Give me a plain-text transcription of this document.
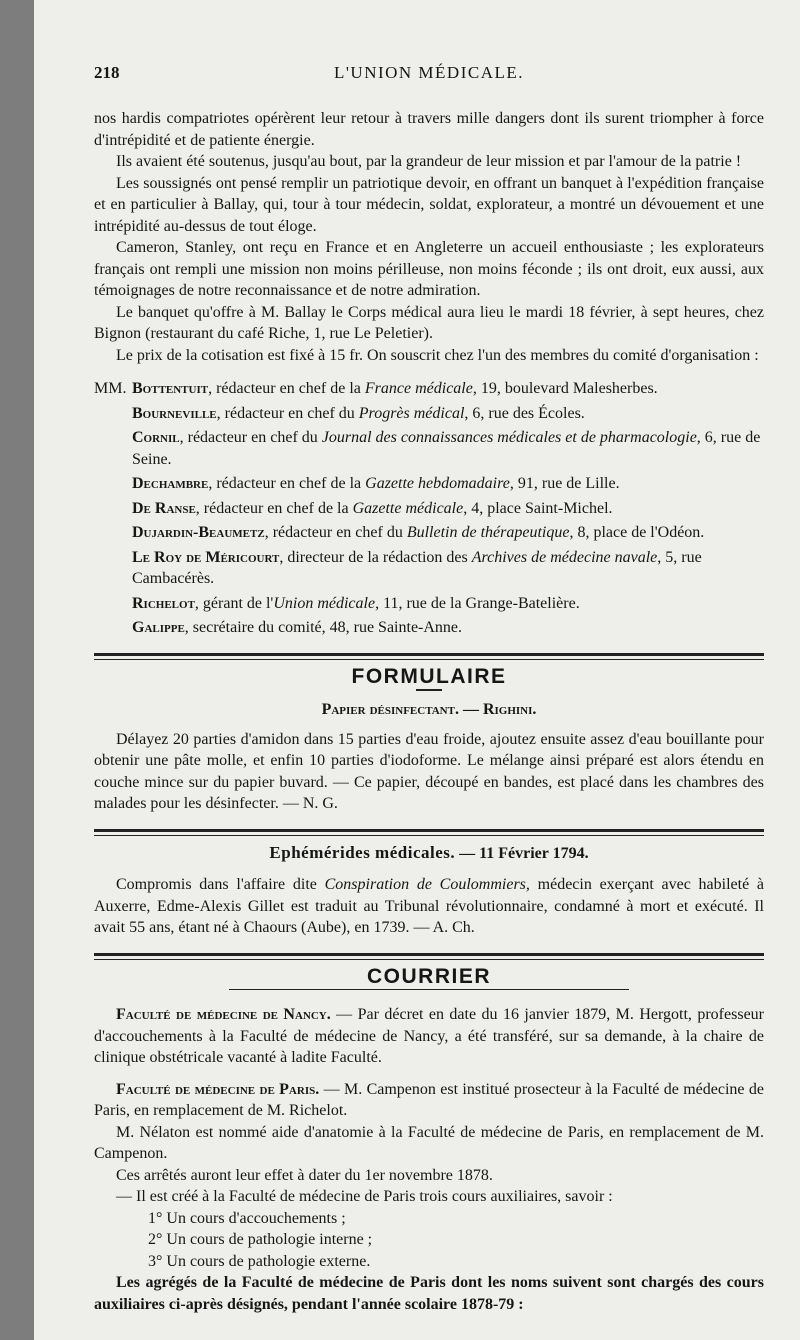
218	L'UNION MÉDICALE.

nos hardis compatriotes opérèrent leur retour à travers mille dangers dont ils surent triompher à force d'intrépidité et de patiente énergie.

Ils avaient été soutenus, jusqu'au bout, par la grandeur de leur mission et par l'amour de la patrie !

Les soussignés ont pensé remplir un patriotique devoir, en offrant un banquet à l'expédition française et en particulier à Ballay, qui, tour à tour médecin, soldat, explorateur, a montré un dévouement et une intrépidité au-dessus de tout éloge.

Cameron, Stanley, ont reçu en France et en Angleterre un accueil enthousiaste ; les explorateurs français ont rempli une mission non moins périlleuse, non moins féconde ; ils ont droit, eux aussi, aux témoignages de notre reconnaissance et de notre admiration.

Le banquet qu'offre à M. Ballay le Corps médical aura lieu le mardi 18 février, à sept heures, chez Bignon (restaurant du café Riche, 1, rue Le Peletier).

Le prix de la cotisation est fixé à 15 fr. On souscrit chez l'un des membres du comité d'organisation :

MM. Bottentuit, rédacteur en chef de la France médicale, 19, boulevard Malesherbes.

Bourneville, rédacteur en chef du Progrès médical, 6, rue des Écoles.

Cornil, rédacteur en chef du Journal des connaissances médicales et de pharmacologie, 6, rue de Seine.

Dechambre, rédacteur en chef de la Gazette hebdomadaire, 91, rue de Lille.

De Ranse, rédacteur en chef de la Gazette médicale, 4, place Saint-Michel.

Dujardin-Beaumetz, rédacteur en chef du Bulletin de thérapeutique, 8, place de l'Odéon.

Le Roy de Méricourt, directeur de la rédaction des Archives de médecine navale, 5, rue Cambacérès.

Richelot, gérant de l'Union médicale, 11, rue de la Grange-Batelière.

Galippe, secrétaire du comité, 48, rue Sainte-Anne.

FORMULAIRE
Papier désinfectant. — Righini.

Délayez 20 parties d'amidon dans 15 parties d'eau froide, ajoutez ensuite assez d'eau bouillante pour obtenir une pâte molle, et enfin 10 parties d'iodoforme. Le mélange ainsi préparé est alors étendu en couche mince sur du papier buvard. — Ce papier, découpé en bandes, est placé dans les chambres des malades pour les désinfecter. — N. G.

Ephémérides médicales. — 11 Février 1794.

Compromis dans l'affaire dite Conspiration de Coulommiers, médecin exerçant avec habileté à Auxerre, Edme-Alexis Gillet est traduit au Tribunal révolutionnaire, condamné à mort et exécuté. Il avait 55 ans, étant né à Chaours (Aube), en 1739. — A. Ch.

COURRIER

Faculté de médecine de Nancy. — Par décret en date du 16 janvier 1879, M. Hergott, professeur d'accouchements à la Faculté de médecine de Nancy, a été transféré, sur sa demande, à la chaire de clinique obstétricale vacanté à ladite Faculté.

Faculté de médecine de Paris. — M. Campenon est institué prosecteur à la Faculté de médecine de Paris, en remplacement de M. Richelot.

M. Nélaton est nommé aide d'anatomie à la Faculté de médecine de Paris, en remplacement de M. Campenon.

Ces arrêtés auront leur effet à dater du 1er novembre 1878.

— Il est créé à la Faculté de médecine de Paris trois cours auxiliaires, savoir :

1° Un cours d'accouchements ;

2° Un cours de pathologie interne ;

3° Un cours de pathologie externe.

Les agrégés de la Faculté de médecine de Paris dont les noms suivent sont chargés des cours auxiliaires ci-après désignés, pendant l'année scolaire 1878-79 :
